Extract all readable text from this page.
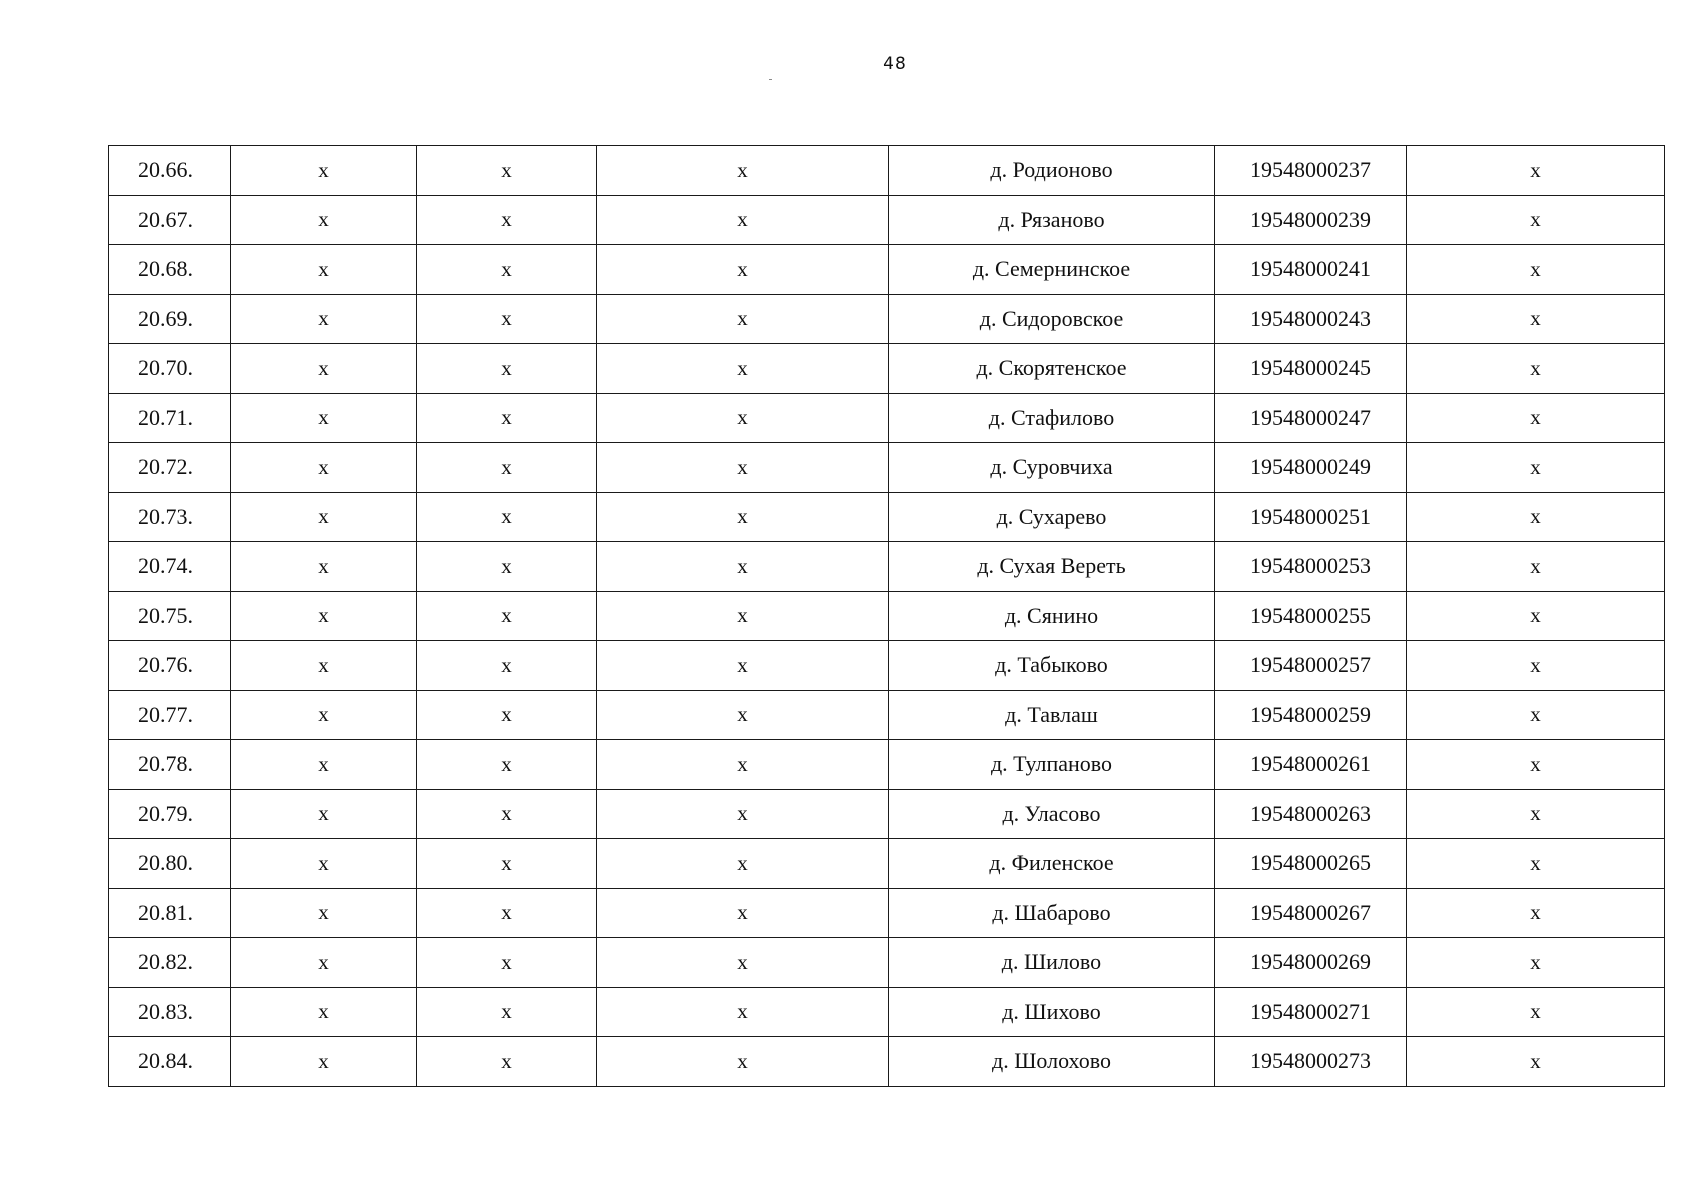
48
20.66.	x	x	x	д. Родионово	19548000237	x
20.67.	x	x	x	д. Рязаново	19548000239	x
20.68.	x	x	x	д. Семернинское	19548000241	x
20.69.	x	x	x	д. Сидоровское	19548000243	x
20.70.	x	x	x	д. Скорятенское	19548000245	x
20.71.	x	x	x	д. Стафилово	19548000247	x
20.72.	x	x	x	д. Суровчиха	19548000249	x
20.73.	x	x	x	д. Сухарево	19548000251	x
20.74.	x	x	x	д. Сухая Вереть	19548000253	x
20.75.	x	x	x	д. Сянино	19548000255	x
20.76.	x	x	x	д. Табыково	19548000257	x
20.77.	x	x	x	д. Тавлаш	19548000259	x
20.78.	x	x	x	д. Тулпаново	19548000261	x
20.79.	x	x	x	д. Уласово	19548000263	x
20.80.	x	x	x	д. Филенское	19548000265	x
20.81.	x	x	x	д. Шабарово	19548000267	x
20.82.	x	x	x	д. Шилово	19548000269	x
20.83.	x	x	x	д. Шихово	19548000271	x
20.84.	x	x	x	д. Шолохово	19548000273	x
